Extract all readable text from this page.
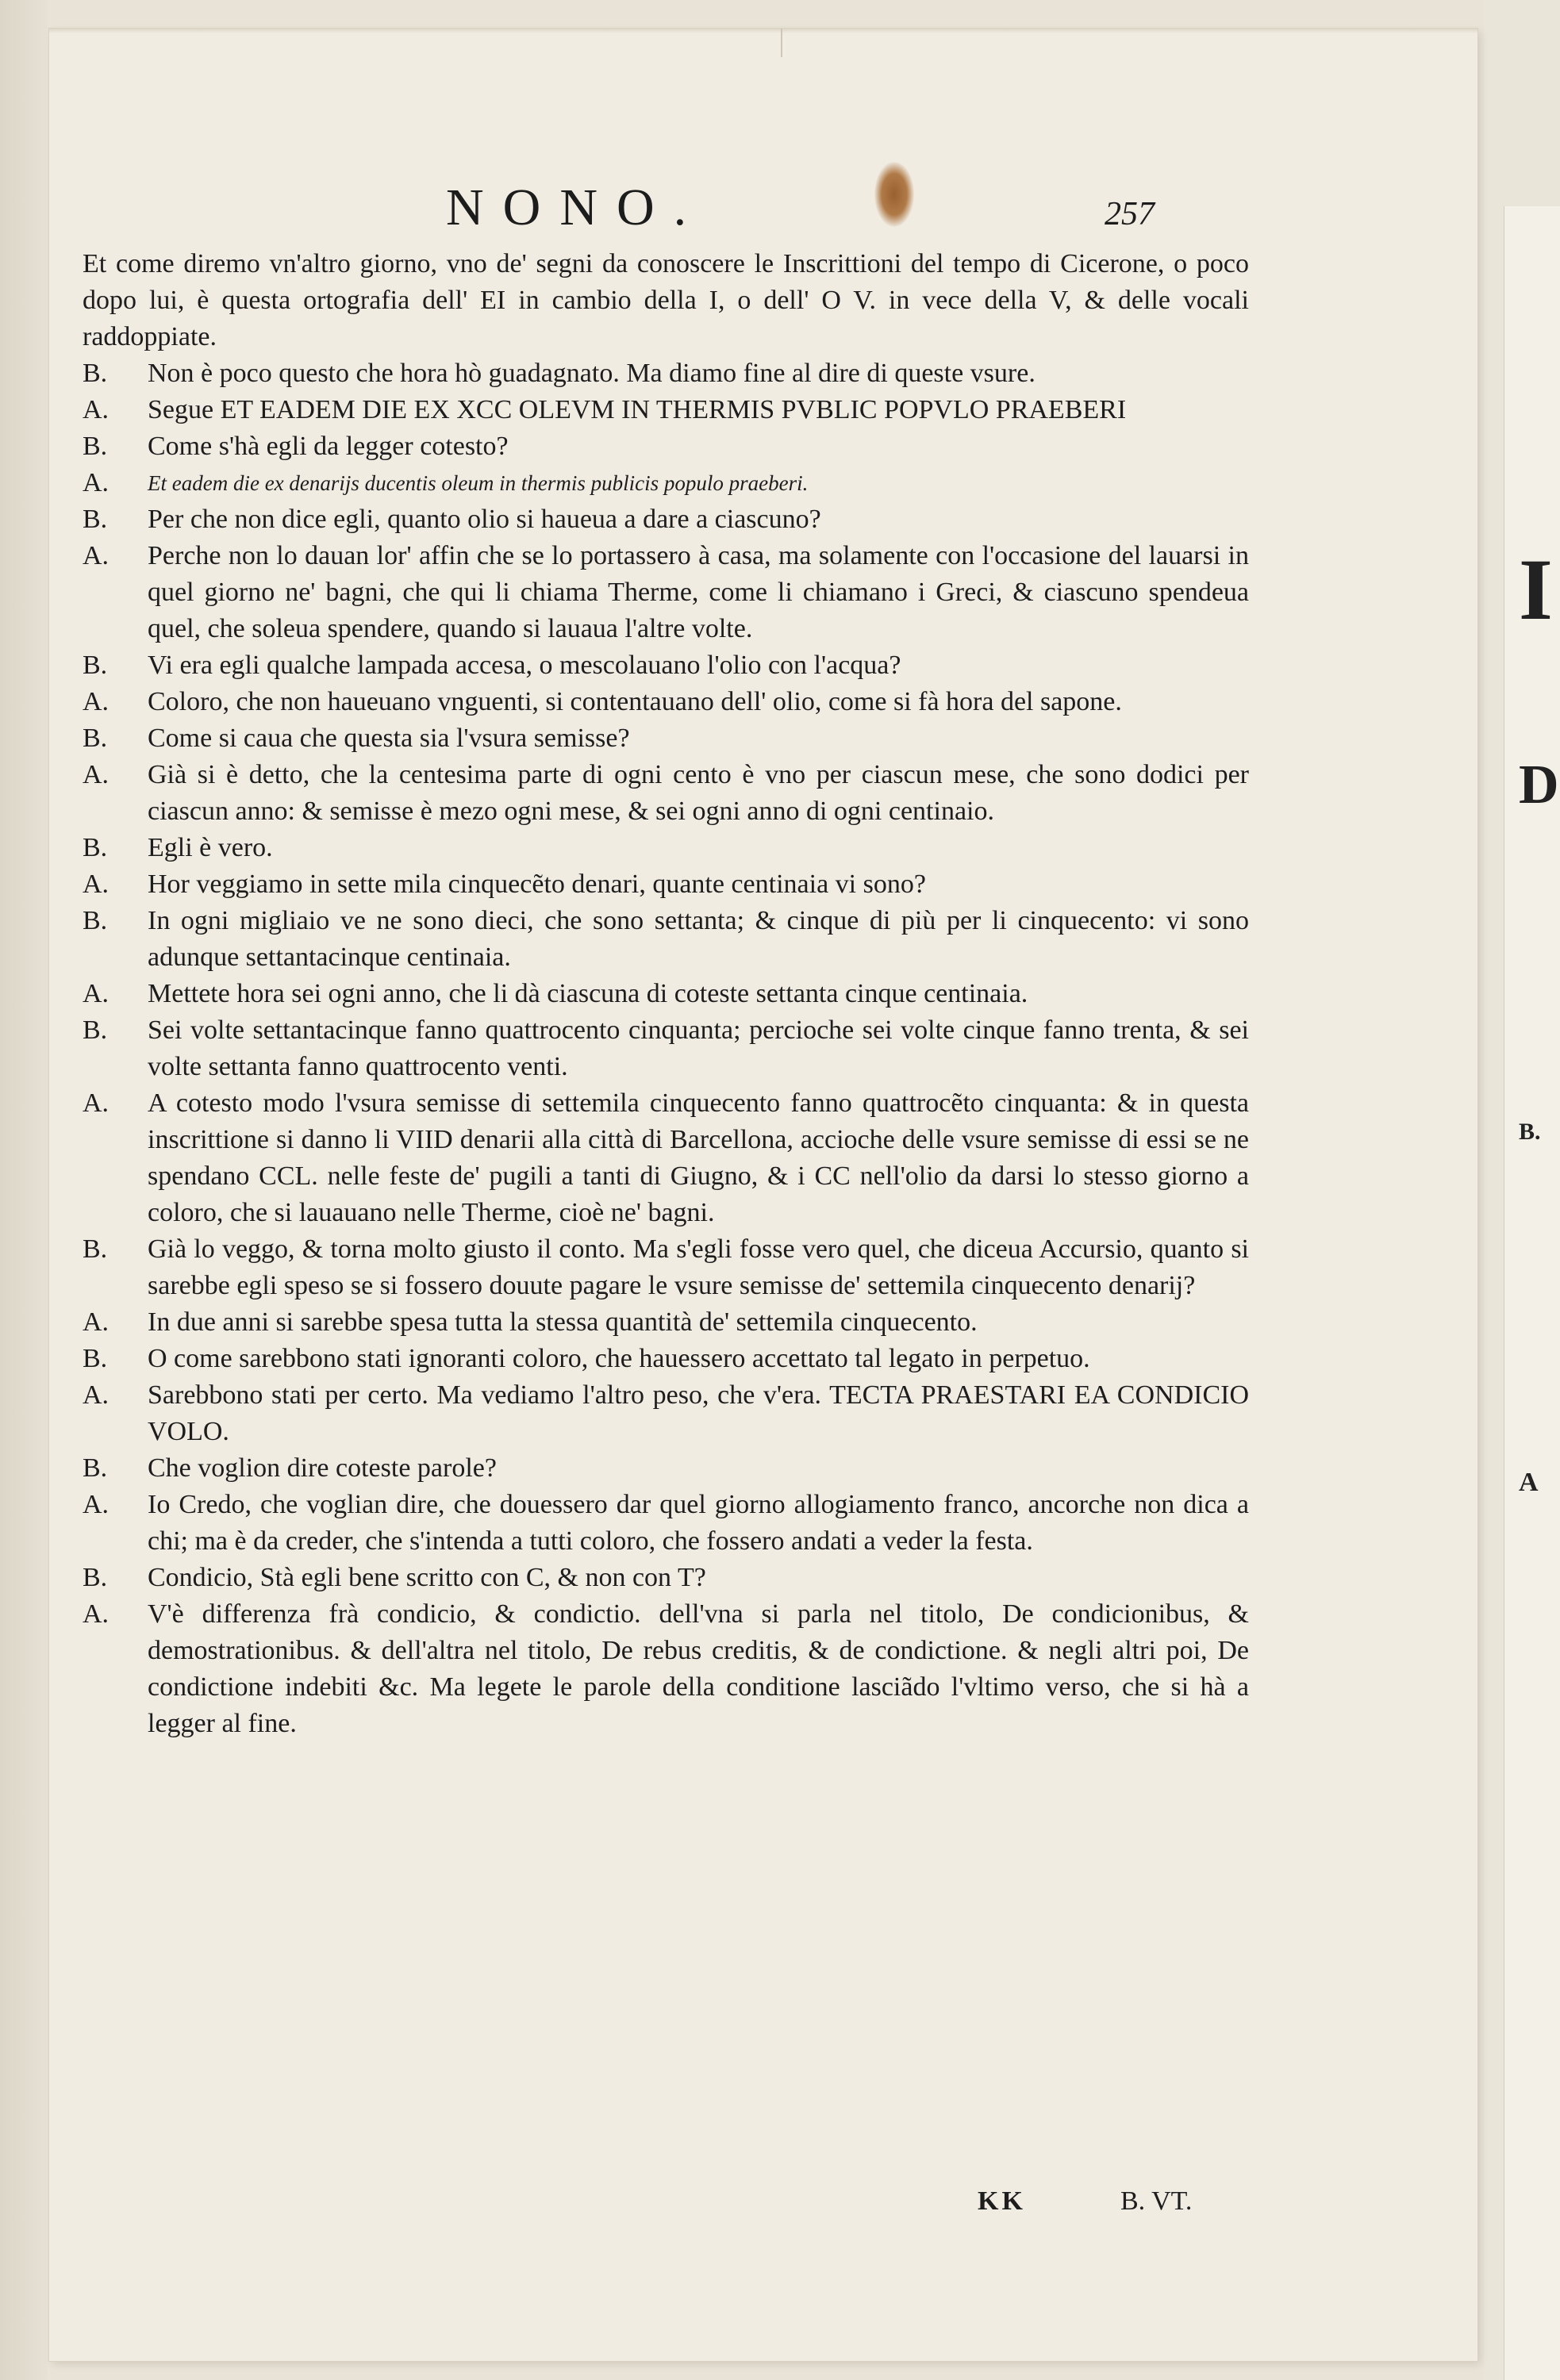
I
D
B.
A
NONO.	257
Et come diremo vn'altro giorno, vno de' segni da conoscere le Inscrittioni del tempo di Cicerone, o poco dopo lui, è questa ortografia dell' EI in cambio della I, o dell' O V. in vece della V, & delle vocali raddoppiate.
B.	Non è poco questo che hora hò guadagnato. Ma diamo fine al dire di queste vsure.
A.	Segue ET EADEM DIE EX XCC OLEVM IN THERMIS PVBLIC POPVLO PRAEBERI
B.	Come s'hà egli da legger cotesto?
A.	Et eadem die ex denarijs ducentis oleum in thermis publicis populo praeberi.
B.	Per che non dice egli, quanto olio si haueua a dare a ciascuno?
A.	Perche non lo dauan lor' affin che se lo portassero à casa, ma solamente con l'occasione del lauarsi in quel giorno ne' bagni, che qui li chiama Therme, come li chiamano i Greci, & ciascuno spendeua quel, che soleua spendere, quando si lauaua l'altre volte.
B.	Vi era egli qualche lampada accesa, o mescolauano l'olio con l'acqua?
A.	Coloro, che non haueuano vnguenti, si contentauano dell' olio, come si fà hora del sapone.
B.	Come si caua che questa sia l'vsura semisse?
A.	Già si è detto, che la centesima parte di ogni cento è vno per ciascun mese, che sono dodici per ciascun anno: & semisse è mezo ogni mese, & sei ogni anno di ogni centinaio.
B.	Egli è vero.
A.	Hor veggiamo in sette mila cinquecẽto denari, quante centinaia vi sono?
B.	In ogni migliaio ve ne sono dieci, che sono settanta; & cinque di più per li cinquecento: vi sono adunque settantacinque centinaia.
A.	Mettete hora sei ogni anno, che li dà ciascuna di coteste settanta cinque centinaia.
B.	Sei volte settantacinque fanno quattrocento cinquanta; percioche sei volte cinque fanno trenta, & sei volte settanta fanno quattrocento venti.
A.	A cotesto modo l'vsura semisse di settemila cinquecento fanno quattrocẽto cinquanta: & in questa inscrittione si danno li VIID denarii alla città di Barcellona, accioche delle vsure semisse di essi se ne spendano CCL. nelle feste de' pugili a tanti di Giugno, & i CC nell'olio da darsi lo stesso giorno a coloro, che si lauauano nelle Therme, cioè ne' bagni.
B.	Già lo veggo, & torna molto giusto il conto. Ma s'egli fosse vero quel, che diceua Accursio, quanto si sarebbe egli speso se si fossero douute pagare le vsure semisse de' settemila cinquecento denarij?
A.	In due anni si sarebbe spesa tutta la stessa quantità de' settemila cinquecento.
B.	O come sarebbono stati ignoranti coloro, che hauessero accettato tal legato in perpetuo.
A.	Sarebbono stati per certo. Ma vediamo l'altro peso, che v'era. TECTA PRAESTARI EA CONDICIO VOLO.
B.	Che voglion dire coteste parole?
A.	Io Credo, che voglian dire, che douessero dar quel giorno allogiamento franco, ancorche non dica a chi; ma è da creder, che s'intenda a tutti coloro, che fossero andati a veder la festa.
B.	Condicio, Stà egli bene scritto con C, & non con T?
A.	V'è differenza frà condicio, & condictio. dell'vna si parla nel titolo, De condicionibus, & demostrationibus. & dell'altra nel titolo, De rebus creditis, & de condictione. & negli altri poi, De condictione indebiti &c. Ma legete le parole della conditione lasciãdo l'vltimo verso, che si hà a legger al fine.
KK	B. VT.
